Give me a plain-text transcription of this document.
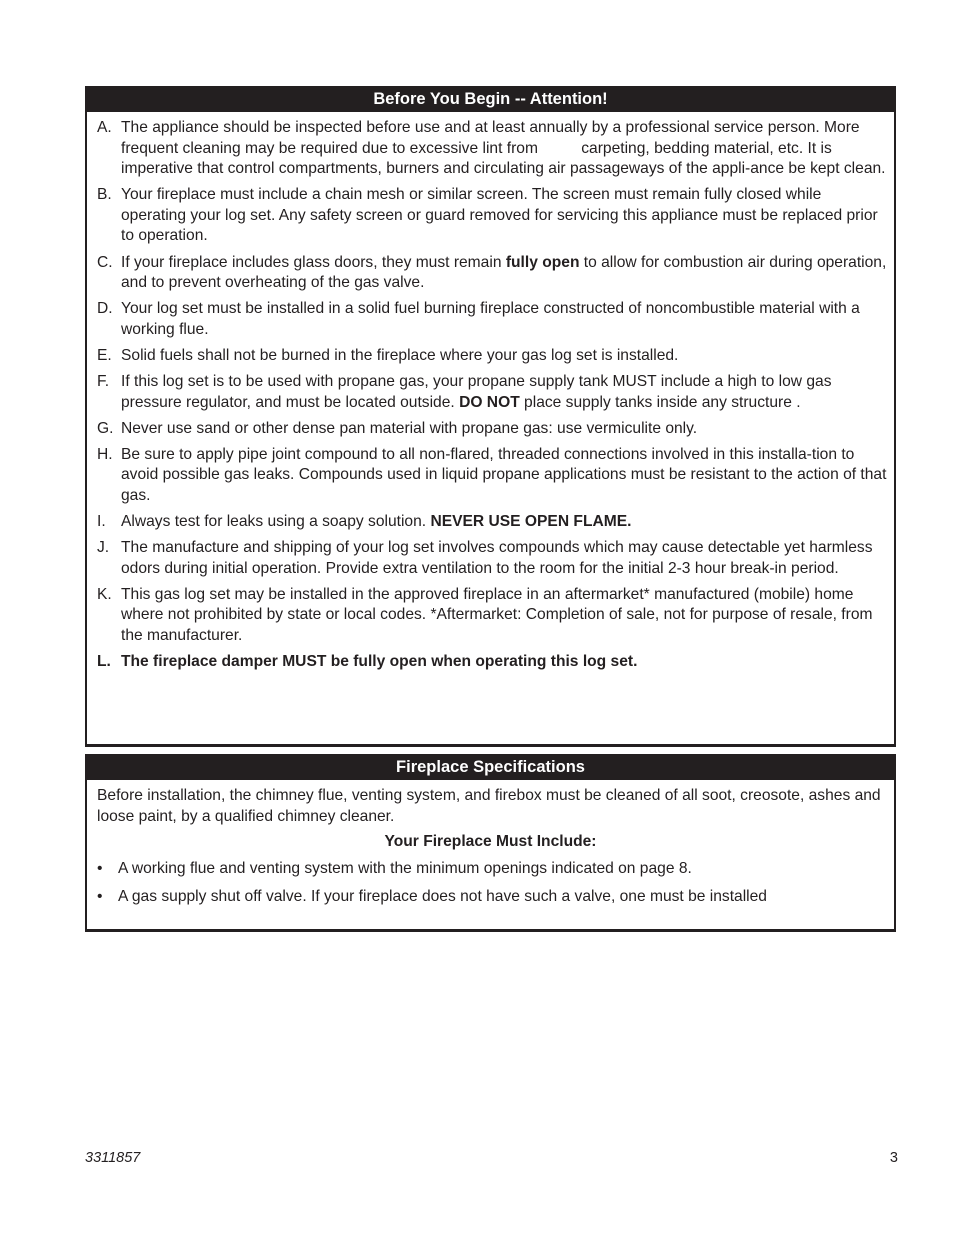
Before You Begin -- Attention!
A. The appliance should be inspected before use and at least annually by a professional service person. More frequent cleaning may be required due to excessive lint from          carpeting, bedding material, etc. It is imperative that control compartments, burners and circulating air passageways of the appli-ance be kept clean.
B. Your fireplace must include a chain mesh or similar screen. The screen must remain fully closed while operating your log set. Any safety screen or guard removed for servicing this appliance must be replaced prior to operation.
C. If your fireplace includes glass doors, they must remain fully open to allow for combustion air during operation, and to prevent overheating of the gas valve.
D. Your log set must be installed in a solid fuel burning fireplace constructed of noncombustible material with a working flue.
E. Solid fuels shall not be burned in the fireplace where your gas log set is installed.
F. If this log set is to be used with propane gas, your propane supply tank MUST include a high to low gas pressure regulator, and must be located outside. DO NOT place supply tanks inside any structure .
G. Never use sand or other dense pan material with propane gas: use vermiculite only.
H. Be sure to apply pipe joint compound to all non-flared, threaded connections involved in this installa-tion to avoid possible gas leaks. Compounds used in liquid propane applications must be resistant to the action of that gas.
I. Always test for leaks using a soapy solution. NEVER USE OPEN FLAME.
J. The manufacture and shipping of your log set involves compounds which may cause detectable yet harmless odors during initial operation. Provide extra ventilation to the room for the initial 2-3 hour break-in period.
K. This gas log set may be installed in the approved fireplace in an aftermarket* manufactured (mobile) home where not prohibited by state or local codes. *Aftermarket: Completion of sale, not for purpose of resale, from the manufacturer.
L. The fireplace damper MUST be fully open when operating this log set.
Fireplace Specifications

Before installation, the chimney flue, venting system, and firebox must be cleaned of all soot, creosote, ashes and loose paint, by a qualified chimney cleaner.

Your Fireplace Must Include:
• A working flue and venting system with the minimum openings indicated on page 8.
• A gas supply shut off valve. If your fireplace does not have such a valve, one must be installed
3311857	3
